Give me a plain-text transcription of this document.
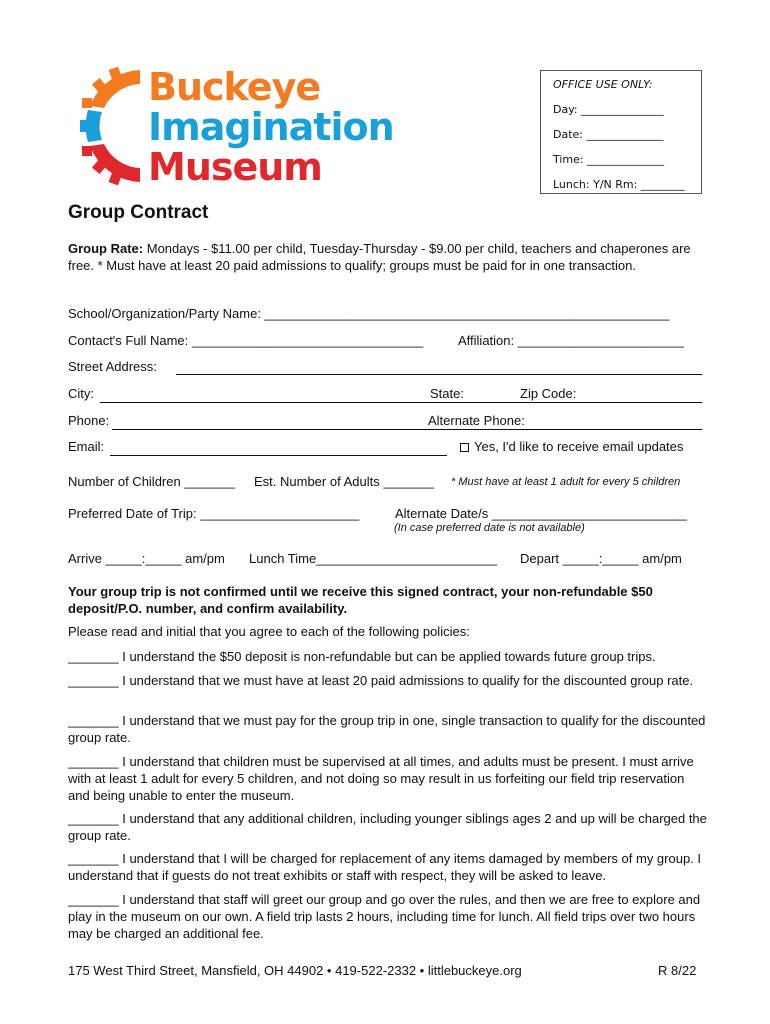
Buckeye
Imagination
Museum
OFFICE USE ONLY:
Day: _______________
Date: ______________
Time: ______________
Lunch: Y/N Rm: ________
Group Contract
Group Rate: Mondays - $11.00 per child, Tuesday-Thursday - $9.00 per child, teachers and chaperones are free. * Must have at least 20 paid admissions to qualify; groups must be paid for in one transaction.
School/Organization/Party Name: ________________________________________________________
Contact's Full Name: ________________________________	Affiliation: _______________________
Street Address:
City:	State:	Zip Code:
Phone:	Alternate Phone:
Email:	Yes, I'd like to receive email updates
Number of Children _______ Est. Number of Adults _______ * Must have at least 1 adult for every 5 children
Preferred Date of Trip: ______________________	Alternate Date/s ___________________________
(In case preferred date is not available)
Arrive _____:_____ am/pm Lunch Time_________________________ Depart _____:_____ am/pm
Your group trip is not confirmed until we receive this signed contract, your non-refundable $50 deposit/P.O. number, and confirm availability.
Please read and initial that you agree to each of the following policies:
_______ I understand the $50 deposit is non-refundable but can be applied towards future group trips.
_______ I understand that we must have at least 20 paid admissions to qualify for the discounted group rate.
_______ I understand that we must pay for the group trip in one, single transaction to qualify for the discounted group rate.
_______ I understand that children must be supervised at all times, and adults must be present. I must arrive with at least 1 adult for every 5 children, and not doing so may result in us forfeiting our field trip reservation and being unable to enter the museum.
_______ I understand that any additional children, including younger siblings ages 2 and up will be charged the group rate.
_______ I understand that I will be charged for replacement of any items damaged by members of my group. I understand that if guests do not treat exhibits or staff with respect, they will be asked to leave.
_______ I understand that staff will greet our group and go over the rules, and then we are free to explore and play in the museum on our own. A field trip lasts 2 hours, including time for lunch. All field trips over two hours may be charged an additional fee.
175 West Third Street, Mansfield, OH 44902 • 419-522-2332 • littlebuckeye.org	R 8/22
